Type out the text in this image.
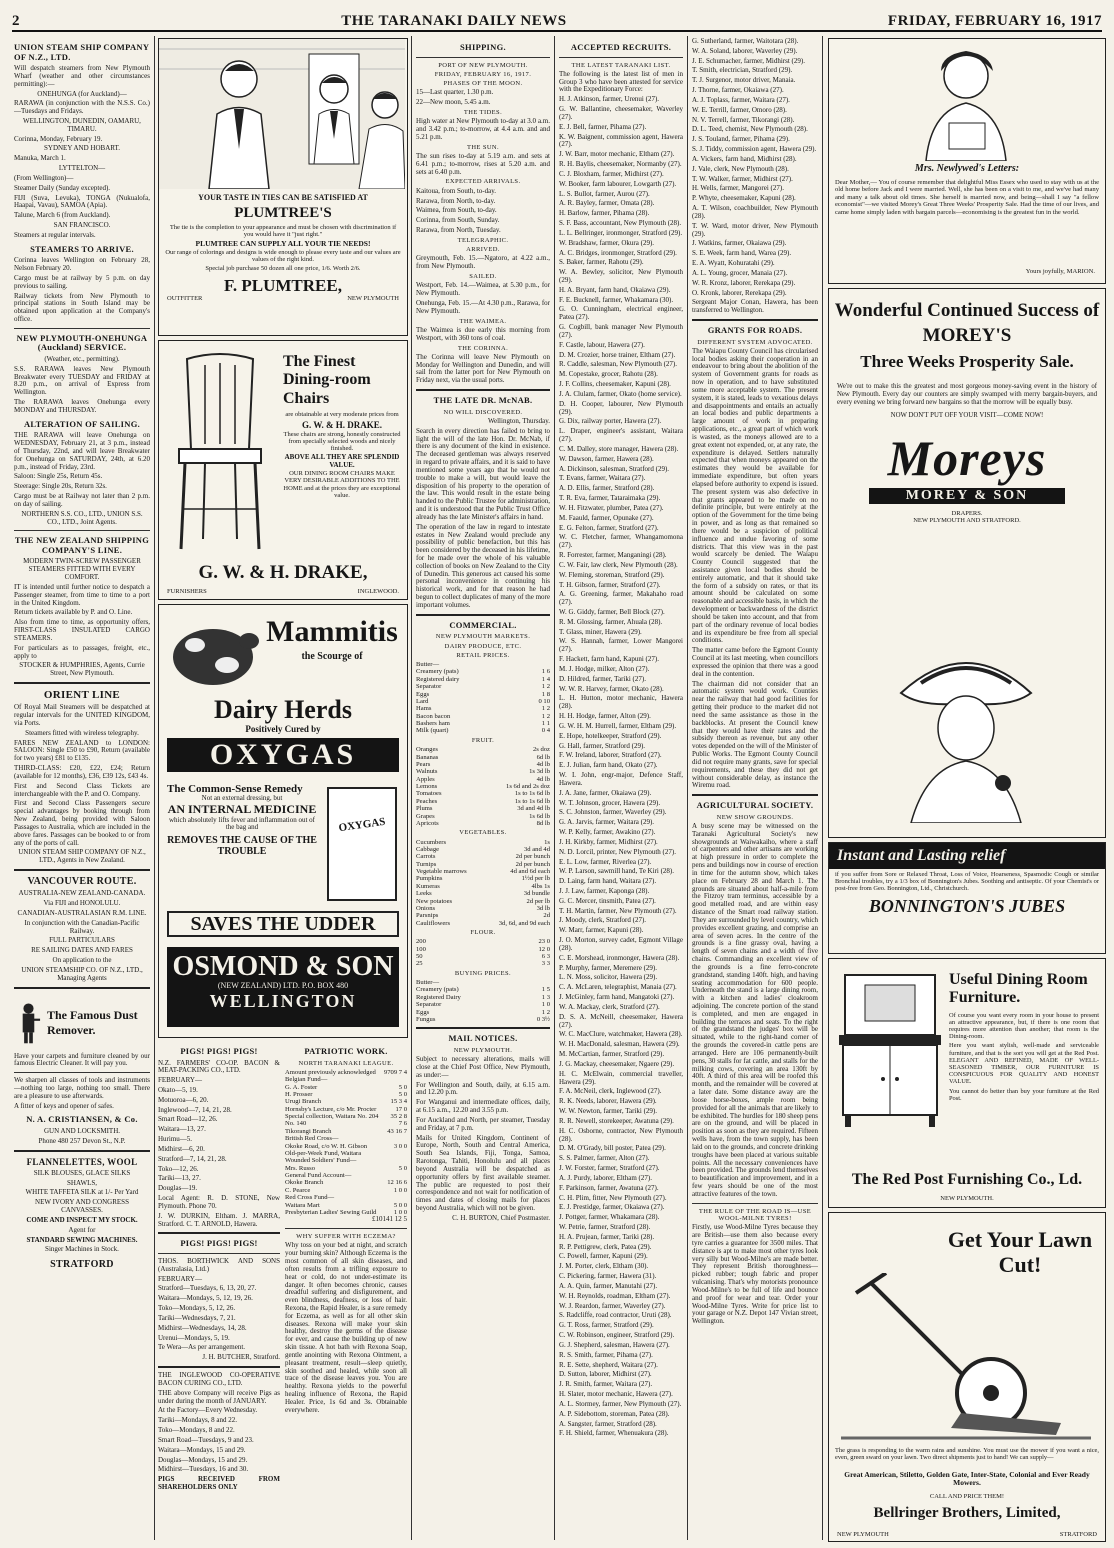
2	THE TARANAKI DAILY NEWS	FRIDAY, FEBRUARY 16, 1917
UNION STEAM SHIP COMPANY OF N.Z., LTD.

Will despatch steamers from New Plymouth Wharf (weather and other circumstances permitting):—

ONEHUNGA (for Auckland)—

RARAWA (in conjunction with the N.S.S. Co.)—Tuesdays and Fridays.

WELLINGTON, DUNEDIN, OAMARU, TIMARU.

Corinna, Monday, February 19.

SYDNEY AND HOBART.

Manuka, March 1.

LYTTELTON—

(From Wellington)—

Steamer Daily (Sunday excepted).

FIJI (Suva, Levuka), TONGA (Nukualofa, Haapai, Vavau), SAMOA (Apia).

Talune, March 6 (from Auckland).

SAN FRANCISCO.

Steamers at regular intervals.

STEAMERS TO ARRIVE.

Corinna leaves Wellington on February 28, Nelson February 20.

Cargo must be at railway by 5 p.m. on day previous to sailing.

Railway tickets from New Plymouth to principal stations in South Island may be obtained upon application at the Company's office.

NEW PLYMOUTH-ONEHUNGA (Auckland) SERVICE.

(Weather, etc., permitting).

S.S. RARAWA leaves New Plymouth Breakwater every TUESDAY and FRIDAY at 8.20 p.m., on arrival of Express from Wellington.

The RARAWA leaves Onehunga every MONDAY and THURSDAY.

ALTERATION OF SAILING.

THE RARAWA will leave Onehunga on WEDNESDAY, February 21, at 3 p.m., instead of Thursday, 22nd, and will leave Breakwater for Onehunga on SATURDAY, 24th, at 6.20 p.m., instead of Friday, 23rd.

Saloon: Single 25s, Return 45s.

Steerage: Single 20s, Return 32s.

Cargo must be at Railway not later than 2 p.m. on day of sailing.

NORTHERN S.S. CO., LTD., UNION S.S. CO., LTD., Joint Agents.

THE NEW ZEALAND SHIPPING COMPANY'S LINE.

MODERN TWIN-SCREW PASSENGER STEAMERS FITTED WITH EVERY COMFORT.

IT is intended until further notice to despatch a Passenger steamer, from time to time to a port in the United Kingdom.

Return tickets available by P. and O. Line.

Also from time to time, as opportunity offers, FIRST-CLASS INSULATED CARGO STEAMERS.

For particulars as to passages, freight, etc., apply to

STOCKER & HUMPHRIES, Agents, Currie Street, New Plymouth.

ORIENT LINE

Of Royal Mail Steamers will be despatched at regular intervals for the UNITED KINGDOM, via Ports.

Steamers fitted with wireless telegraphy.

FARES NEW ZEALAND to LONDON: SALOON: Single £50 to £90, Return (available for two years) £81 to £135.

THIRD-CLASS: £20, £22, £24; Return (available for 12 months), £36, £39 12s, £43 4s.

First and Second Class Tickets are interchangeable with the P. and O. Company.

First and Second Class Passengers secure special advantages by booking through from New Zealand, being provided with Saloon Passages to Australia, which are included in the above fares. Passages can be booked to or from any of the ports of call.

UNION STEAM SHIP COMPANY OF N.Z., LTD., Agents in New Zealand.

VANCOUVER ROUTE.

AUSTRALIA-NEW ZEALAND-CANADA.

Via FIJI and HONOLULU.

CANADIAN-AUSTRALASIAN R.M. LINE.

In conjunction with the Canadian-Pacific Railway.

FULL PARTICULARS

RE SAILING DATES AND FARES

On application to the

UNION STEAMSHIP CO. OF N.Z., LTD., Managing Agents

The Famous Dust Remover.

Have your carpets and furniture cleaned by our famous Electric Cleaner. It will pay you.

We sharpen all classes of tools and instruments—nothing too large, nothing too small. There are a pleasure to use afterwards.

A fitter of keys and opener of safes.

N. A. CRISTIANSEN, & Co.

GUN AND LOCKSMITH.

Phone 480 257 Devon St., N.P.

FLANNELETTES, WOOL

SILK BLOUSES, GLACE SILKS

SHAWLS,

WHITE TAFFETA SILK at 1/- Per Yard

NEW IVORY AND CONGRESS CANVASSES.

COME AND INSPECT MY STOCK.

Agent for

STANDARD SEWING MACHINES.

Singer Machines in Stock.

STRATFORD
YOUR TASTE IN TIES CAN BE SATISFIED AT
PLUMTREE'S

The tie is the completion to your appearance and must be chosen with discrimination if you would have it "just right."

PLUMTREE CAN SUPPLY ALL YOUR TIE NEEDS!

Our range of colorings and designs is wide enough to please every taste and our values are values of the right kind.

Special job purchase 50 dozen all one price, 1/6. Worth 2/6.

F. PLUMTREE,
OUTFITTER	NEW PLYMOUTH
The Finest Dining-room Chairs

are obtainable at very moderate prices from

G. W. & H. DRAKE.

These chairs are strong, honestly constructed from specially selected woods and nicely finished.

ABOVE ALL THEY ARE SPLENDID VALUE.

OUR DINING ROOM CHAIRS MAKE VERY DESIRABLE ADDITIONS TO THE HOME and at the prices they are exceptional value.

G. W. & H. DRAKE,
FURNISHERS	INGLEWOOD.
Mammitis
the Scourge of
Dairy Herds
Positively Cured by
OXYGAS
The Common-Sense Remedy
Not an external dressing, but
AN INTERNAL MEDICINE
which absolutely lifts fever and inflammation out of the bag and
REMOVES THE CAUSE OF THE TROUBLE
OXYGAS
SAVES THE UDDER
OSMOND & SON
(NEW ZEALAND) LTD. P.O. BOX 480
WELLINGTON
PIGS! PIGS! PIGS!

N.Z. FARMERS' CO-OP. BACON & MEAT-PACKING CO., LTD.

FEBRUARY—

Okato—5, 19.

Motuoroa—6, 20.

Inglewood—7, 14, 21, 28.

Smart Road—12, 26.

Waitara—13, 27.

Hurimu—5.

Midhirst—6, 20.

Stratford—7, 14, 21, 28.

Toko—12, 26.

Tariki—13, 27.

Douglas—19.

Local Agent: R. D. STONE, New Plymouth. Phone 70.

J. W. DURKIN, Eltham. J. MARRA, Stratford. C. T. ARNOLD, Hawera.

PIGS! PIGS! PIGS!

THOS. BORTHWICK AND SONS (Australasia, Ltd.)

FEBRUARY—

Stratford—Tuesdays, 6, 13, 20, 27.

Waitara—Mondays, 5, 12, 19, 26.

Toko—Mondays, 5, 12, 26.

Tariki—Wednesdays, 7, 21.

Midhirst—Wednesdays, 14, 28.

Urenui—Mondays, 5, 19.

Te Wera—As per arrangement.

J. H. BUTCHER, Stratford.

THE INGLEWOOD CO-OPERATIVE BACON CURING CO., LTD.

THE above Company will receive Pigs as under during the month of JANUARY.

At the Factory—Every Wednesday.

Tariki—Mondays, 8 and 22.

Toko—Mondays, 8 and 22.

Smart Road—Tuesdays, 9 and 23.

Waitara—Mondays, 15 and 29.

Douglas—Mondays, 15 and 29.

Midhirst—Tuesdays, 16 and 30.

PIGS RECEIVED FROM SHAREHOLDERS ONLY

PATRIOTIC WORK.
NORTH TARANAKI LEAGUE.
Amount previously acknowledged	9709 7 4
Belgian Fund—	
G. A. Foster	5 0
H. Prosser	5 0
Urugi Branch	15 3 4
Hornsby's Lecture, c/o Mr. Procter	17 0
Special collection, Waitara No. 204	35 2 8
No. 140	7 6
Tikorangi Branch	43 16 7
British Red Cross—	
Okoke Road, c/o W. H. Gibson	3 0 0
Old-per-Week Fund, Waitara Wounded Soldiers' Fund—	
Mrs. Russo	5 0
General Fund Account—	
Okoke Branch	12 16 6
C. Pearce	1 0 0
Red Cross Fund—	
Waitara Mart	5 0 0
Presbyterian Ladies' Sewing Guild	1 0 0

£10141 12 5

WHY SUFFER WITH ECZEMA?

Why toss on your bed at night, and scratch your burning skin? Although Eczema is the most common of all skin diseases, and often results from a trifling exposure to heat or cold, do not under-estimate its danger. It often becomes chronic, causes dreadful suffering and disfigurement, and even blindness, deafness, or loss of hair. Rexona, the Rapid Healer, is a sure remedy for Eczema, as well as for all other skin diseases. Rexona will make your skin healthy, destroy the germs of the disease for ever, and cause the building up of new skin tissue. A hot bath with Rexona Soap, gentle anointing with Rexona Ointment, a pleasant treatment, result—sleep quietly, skin soothed and healed, while soon all trace of the disease leaves you. You are healthy. Rexona yields to the powerful healing influence of Rexona, the Rapid Healer. Price, 1s 6d and 3s. Obtainable everywhere.

SHIPPING.
PORT OF NEW PLYMOUTH.
FRIDAY, FEBRUARY 16, 1917.
PHASES OF THE MOON.

15—Last quarter, 1.30 p.m.

22—New moon, 5.45 a.m.

THE TIDES.

High water at New Plymouth to-day at 3.0 a.m. and 3.42 p.m.; to-morrow, at 4.4 a.m. and and 5.21 p.m.

THE SUN.

The sun rises to-day at 5.19 a.m. and sets at 6.41 p.m.; to-morrow, rises at 5.20 a.m. and sets at 6.40 p.m.

EXPECTED ARRIVALS.

Kaitoua, from South, to-day.

Rarawa, from North, to-day.

Waimea, from South, to-day.

Corinna, from South, Sunday.

Rarawa, from North, Tuesday.

TELEGRAPHIC.
ARRIVED.

Greymouth, Feb. 15.—Ngatoro, at 4.22 a.m., from New Plymouth.

SAILED.

Westport, Feb. 14.—Waimea, at 5.30 p.m., for New Plymouth.

Onehunga, Feb. 15.—At 4.30 p.m., Rarawa, for New Plymouth.

THE WAIMEA.

The Waimea is due early this morning from Westport, with 360 tons of coal.

THE CORINNA.

The Corinna will leave New Plymouth on Monday for Wellington and Dunedin, and will sail from the latter port for New Plymouth on Friday next, via the usual ports.

THE LATE DR. McNAB.
NO WILL DISCOVERED.

Wellington, Thursday.

Search in every direction has failed to bring to light the will of the late Hon. Dr. McNab, if there is any document of the kind in existence. The deceased gentleman was always reserved in regard to private affairs, and it is said to have mentioned some years ago that he would not trouble to make a will, but would leave the disposition of his property to the operation of the law. This would result in the estate being handed to the Public Trustee for administration, and it is understood that the Public Trust Office already has the late Minister's affairs in hand.

The operation of the law in regard to intestate estates in New Zealand would preclude any possibility of public benefaction, but this has been considered by the deceased in his lifetime, for he made over the whole of his valuable collection of books on New Zealand to the City of Dunedin. This generous act caused his some personal inconvenience in continuing his historical work, and for that reason he had begun to collect duplicates of many of the more important volumes.

COMMERCIAL.
NEW PLYMOUTH MARKETS.
DAIRY PRODUCE, ETC.
RETAIL PRICES.
Butter—	
Creamery (pats)	1 6
Registered dairy	1 4
Separator	1 2
Eggs	1 8
Lard	0 10
Hams	1 2
Bacon bacon	1 2
Bashers ham	1 1
Milk (quart)	0 4
FRUIT.
Oranges	2s doz
Bananas	6d lb
Pears	4d lb
Walnuts	1s 3d lb
Apples	4d lb
Lemons	1s 6d and 2s doz
Tomatoes	1s to 1s 6d lb
Peaches	1s to 1s 6d lb
Plums	3d and 4d lb
Grapes	1s 6d lb
Apricots	8d lb
VEGETABLES.
Cucumbers	1s
Cabbage	3d and 4d
Carrots	2d per bunch
Turnips	2d per bunch
Vegetable marrows	4d and 6d each
Pumpkins	1½d per lb
Kumeras	4lbs 1s
Leeks	3d bundle
New potatoes	2d per lb
Onions	3d lb
Parsnips	2d
Cauliflowers	3d, 6d, and 9d each
FLOUR.
200	23 0
100	12 0
50	6 3
25	3 3
BUYING PRICES.
Butter—	
Creamery (pats)	1 5
Registered Dairy	1 3
Separator	1 0
Eggs	1 2
Fungus	0 3½
MAIL NOTICES.
NEW PLYMOUTH.

Subject to necessary alterations, mails will close at the Chief Post Office, New Plymouth, as under:—

For Wellington and South, daily, at 6.15 a.m. and 12.20 p.m.

For Wanganui and intermediate offices, daily, at 6.15 a.m., 12.20 and 3.55 p.m.

For Auckland and North, per steamer, Tuesday and Friday, at 7 p.m.

Mails for United Kingdom, Continent of Europe, North, South and Central America, South Sea Islands, Fiji, Tonga, Samoa, Rarotonga, Tahiti, Honolulu and all places beyond Australia will be despatched as opportunity offers by first available steamer. The public are requested to post their correspondence and not wait for notification of times and dates of closing mails for places beyond Australia, which will not be given.

C. H. BURTON, Chief Postmaster.

ACCEPTED RECRUITS.
THE LATEST TARANAKI LIST.

The following is the latest list of men in Group 3 who have been attested for service with the Expeditionary Force:

H. J. Atkinson, farmer, Urenui (27).

G. W. Ballantine, cheesemaker, Waverley (27).

E. J. Bell, farmer, Pihama (27).

K. W. Baignent, commission agent, Hawera (27).

J. W. Barr, motor mechanic, Eltham (27).

R. H. Baylis, cheesemaker, Normanby (27).

C. J. Bloxham, farmer, Midhirst (27).

W. Booker, farm labourer, Lowgarth (27).

L. S. Bullot, farmer, Aurou (27).

A. R. Bayley, farmer, Omata (28).

H. Barlow, farmer, Pihama (28).

S. F. Bass, accountant, New Plymouth (28).

L. L. Bellringer, ironmonger, Stratford (29).

W. Bradshaw, farmer, Okura (29).

A. C. Bridges, ironmonger, Stratford (29).

S. Baker, farmer, Rahotu (29).

W. A. Bewley, solicitor, New Plymouth (29).

H. A. Bryant, farm hand, Okaiawa (29).

F. E. Bucknell, farmer, Whakamara (30).

G. O. Cunningham, electrical engineer, Patea (27).

G. Cogbill, bank manager New Plymouth (27).

F. Castle, labour, Hawera (27).

D. M. Crozier, horse trainer, Eltham (27).

R. Caddle, salesman, New Plymouth (27).

M. Copestake, grocer, Rahotu (28).

J. F. Collins, cheesemaker, Kapuni (28).

J. A. Clulam, farmer, Okato (home service).

D. H. Cooper, labourer, New Plymouth (29).

G. Dix, railway porter, Hawera (27).

L. Draper, engineer's assistant, Waitara (27).

C. M. Dalley, store manager, Hawera (28).

W. Dawson, farmer, Hawera (28).

A. Dickinson, salesman, Stratford (29).

T. Evans, farmer, Waitara (27).

A. D. Ellis, farmer, Stratford (28).

T. R. Eva, farmer, Tataraimaka (29).

W. H. Fitzwater, plumber, Patea (27).

M. Faauld, farmer, Opunake (27).

E. G. Felton, farmer, Stratford (27).

W. C. Fletcher, farmer, Whangamomona (27).

R. Forrester, farmer, Manganingi (28).

C. W. Fair, law clerk, New Plymouth (28).

W. Fleming, storeman, Stratford (29).

T. H. Gibson, farmer, Stratford (27).

A. G. Greening, farmer, Makahaho road (27).

W. G. Giddy, farmer, Bell Block (27).

R. M. Glossing, farmer, Ahuala (28).

T. Glass, miner, Hawera (29).

W. S. Hannah, farmer, Lower Mangorei (27).

F. Hackett, farm hand, Kapuni (27).

M. J. Hodge, milker, Alton (27).

D. Hildred, farmer, Tariki (27).

W. W. R. Harvey, farmer, Okato (28).

L. H. Hutton, motor mechanic, Hawera (28).

H. H. Hodge, farmer, Alton (29).

G. W. H. M. Hurrell, farmer, Eltham (29).

E. Hope, hotelkeeper, Stratford (29).

G. Hall, farmer, Stratford (29).

F. W. Ireland, laborer, Stratford (27).

E. J. Julian, farm hand, Okato (27).

W. I. John, engr-major, Defence Staff, Hawera.

J. A. Jane, farmer, Okaiawa (29).

W. T. Johnson, grocer, Hawera (29).

S. C. Johnston, farmer, Waverley (29).

G. A. Jarvis, farmer, Waitara (29).

W. P. Kelly, farmer, Awakino (27).

J. H. Kirkby, farmer, Midhirst (27).

N. D. Lorcil, printer, New Plymouth (27).

E. L. Low, farmer, Riverlea (27).

W. P. Larson, sawmill hand, Te Kiri (28).

D. Laing, farm hand, Waitara (27).

J. J. Law, farmer, Kaponga (28).

G. C. Mercer, tinsmith, Patea (27).

T. H. Martin, farmer, New Plymouth (27).

J. Moody, clerk, Stratford (27).

W. Marr, farmer, Kapuni (28).

J. O. Morton, survey cadet, Egmont Village (28).

C. E. Morshead, ironmonger, Hawera (28).

P. Murphy, farmer, Meremere (29).

L. N. Moss, solicitor, Hawera (29).

C. A. McLaren, telegraphist, Manaia (27).

J. McGinley, farm hand, Mangatoki (27).

W. A. Mackay, clerk, Stratford (27).

D. S. A. McNeill, cheesemaker, Hawera (27).

W. C. MacClure, watchmaker, Hawera (28).

W. H. MacDonald, salesman, Hawera (29).

M. McCartian, farmer, Stratford (29).

J. G. Mackay, cheesemaker, Ngaere (29).

H. C. McElwain, commercial traveller, Hawera (29).

F. A. McNeil, clerk, Inglewood (27).

R. K. Needs, laborer, Hawera (29).

W. W. Newton, farmer, Tariki (29).

R. R. Newell, storekeeper, Awatuna (29).

H. C. Osborne, contractor, New Plymouth (28).

D. M. O'Grady, bill poster, Patea (29).

S. S. Palmer, farmer, Alton (27).

J. W. Forster, farmer, Stratford (27).

A. J. Purdy, laborer, Eltham (27).

F. Parkinson, farmer, Awatuna (27).

C. H. Plim, fitter, New Plymouth (27).

E. J. Prestidge, farmer, Okaiawa (27).

J. Pottger, farmer, Whakamara (28).

W. Petrie, farmer, Stratford (28).

H. A. Prujean, farmer, Tariki (28).

R. P. Pettigrew, clerk, Patea (29).

C. Powell, farmer, Kapuni (29).

J. M. Porter, clerk, Eltham (30).

C. Pickering, farmer, Hawera (31).

A. A. Quin, farmer, Manutahi (27).

W. H. Reynolds, roadman, Eltham (27).

W. J. Reardon, farmer, Waverley (27).

S. Radcliffe, road contractor, Uruti (28).

G. T. Ross, farmer, Stratford (29).

C. W. Robinson, engineer, Stratford (29).

G. J. Shepherd, salesman, Hawera (27).

R. S. Smith, farmer, Pihama (27).

R. E. Sette, shepherd, Waitara (27).

D. Sutton, laborer, Midhirst (27).

J. R. Smith, farmer, Waitara (27).

H. Slater, motor mechanic, Hawera (27).

A. L. Stormey, farmer, New Plymouth (27).

A. P. Sidebottom, storeman, Patea (28).

A. Sangster, farmer, Stratford (28).

F. H. Shield, farmer, Whenuakura (28).

G. Sutherland, farmer, Waitotara (28).

W. A. Soland, laborer, Waverley (29).

J. E. Schumacher, farmer, Midhirst (29).

T. Smith, electrician, Stratford (29).

T. J. Surgenor, motor driver, Manaia.

J. Thorne, farmer, Okaiawa (27).

A. J. Toplass, farmer, Waitara (27).

W. E. Terrill, farmer, Omoro (28).

N. V. Terrell, farmer, Tikorangi (28).

D. L. Teed, chemist, New Plymouth (28).

J. S. Touland, farmer, Pihama (29).

S. J. Tiddy, commission agent, Hawera (29).

A. Vickers, farm hand, Midhirst (28).

J. Vale, clerk, New Plymouth (28).

T. W. Walker, farmer, Midhirst (27).

H. Wells, farmer, Mangorei (27).

P. Whyte, cheesemaker, Kapuni (28).

A. T. Wilson, coachbuilder, New Plymouth (28).

T. W. Ward, motor driver, New Plymouth (29).

J. Watkins, farmer, Okaiawa (29).

S. E. Week, farm hand, Warea (29).

E. A. Wyatt, Kohuratahi (29).

A. L. Young, grocer, Manaia (27).

W. R. Kronz, laborer, Rerekapa (29).

O. Kronk, laborer, Rerekapa (29).

Sergeant Major Conan, Hawera, has been transferred to Wellington.

GRANTS FOR ROADS.
DIFFERENT SYSTEM ADVOCATED.

The Waiapu County Council has circularised local bodies asking their cooperation in an endeavour to bring about the abolition of the system of Government grants for roads as now in operation, and to have substituted some more acceptable system. The present system, it is stated, leads to vexatious delays and disappointments and entails an actually an local bodies and public departments a large amount of work in preparing applications, etc., a great part of which work is wasted, as the moneys allowed are to a great extent not expended, or, at any rate, the expenditure is delayed. Settlers naturally expected that when moneys appeared on the estimates they would be available for immediate expenditure, but often years elapsed before authority to expend is issued. The present system was also defective in that grants appeared to be made on no definite principle, but were entirely at the option of the Government for the time being in power, and as long as that remained so there would be a suspicion of political influence and undue favoring of some districts. That this view was in the past would scarcely be denied. The Waiapu County Council suggested that the assistance given local bodies should be entirely automatic, and that it should take the form of a subsidy on rates, or that its amount should be calculated on some reasonable and accessible basis, in which the development or backwardness of the district should be taken into account, and that from part of the ordinary revenue of local bodies and its expenditure be free from all special conditions.

The matter came before the Egmont County Council at its last meeting, when councillors expressed the opinion that there was a good deal in the contention.

The chairman did not consider that an automatic system would work. Counties near the railway that had good facilities for getting their produce to the market did not need the same assistance as those in the backblocks. At present the Council knew that they would have their rates and the subsidy thereon as revenue, but any other votes depended on the will of the Minister of Public Works. The Egmont County Council did not require many grants, save for special requirements, and these they did not get without considerable delay, as instance the Wiremu road.

AGRICULTURAL SOCIETY.
NEW SHOW GROUNDS.

A busy scene may be witnessed on the Taranaki Agricultural Society's new showgrounds at Waiwakaiho, where a staff of carpenters and other artisans are working at high pressure in order to complete the pens and buildings now in course of erection in time for the autumn show, which takes place on February 28 and March 1. The grounds are situated about half-a-mile from the Fitzroy tram terminus, accessible by a good metalled road, and are within easy distance of the Smart road railway station. They are surrounded by level country, which provides excellent grazing, and comprise an area of seven acres. In the centre of the grounds is a fine grassy oval, having a length of seven chains and a width of five chains. Commanding an excellent view of the grounds is a fine ferro-concrete grandstand, standing 140ft. high, and having seating accommodation for 600 people. Underneath the stand is a large dining room, with a kitchen and ladies' cloakroom adjoining. The concrete portion of the stand is completed, and men are engaged in building the terraces and seats. To the right of the grandstand the judges' box will be situated, while to the right-hand corner of the grounds the covered-in cattle pens are arranged. Here are 106 permanently-built pens, 30 stalls for fat cattle, and stalls for the milking cows, covering an area 130ft by 40ft. A third of this area will be roofed this month, and the remainder will be covered at a later date. Some distance away are the loose horse-boxes, ample room being provided for all the animals that are likely to be exhibited. The hurdles for 180 sheep pens are on the ground, and will be placed in position as soon as they are required. Fifteen wells have, from the town supply, has been laid on to the grounds, and concrete drinking troughs have been placed at various suitable points. All the necessary conveniences have been provided. The grounds lend themselves to beautification and improvement, and in a few years should be one of the most attractive features of the town.

THE RULE OF THE ROAD IS—USE WOOL-MILNE TYRES!

Firstly, use Wood-Milne Tyres because they are British—use them also because every tyre carries a guarantee for 3500 miles. That distance is apt to make most other tyres look very silly but Wood-Milne's are made better. They represent British thoroughness—picked rubber; tough fabric and proper vulcanising. That's why motorists pronounce Wood-Milne's to be full of life and bounce and proof for wear and tear. Order your Wood-Milne Tyres. Write for price list to your garage or N.Z. Depot 147 Vivian street, Wellington.

Mrs. Newlywed's Letters:

Dear Mother,— You of course remember that delightful Miss Essex who used to stay with us at the old home before Jack and I were married. Well, she has been on a visit to me, and we've had many and many a talk about old times. She herself is married now, and being—shall I say "a fellow economist"—we visited Morey's Great Three Weeks' Prosperity Sale. Had the time of our lives, and came home simply laden with bargain parcels—economising is the greatest fun in the world.

Yours joyfully, MARION.

Wonderful Continued Success of MOREY'S
Three Weeks Prosperity Sale.

We're out to make this the greatest and most gorgeous money-saving event in the history of New Plymouth. Every day our counters are simply swamped with merry bargain-buyers, and every evening we bring forward new bargains so that the morrow will be equally busy.

NOW DON'T PUT OFF YOUR VISIT—COME NOW!

Moreys
MOREY & SON
DRAPERS.
NEW PLYMOUTH AND STRATFORD.
Instant and Lasting relief

if you suffer from Sore or Relaxed Throat, Loss of Voice, Hoarseness, Spasmodic Cough or similar Bronchial troubles, try a 1/3 box of Bonnington's Jubes. Soothing and antiseptic. Of your Chemist's or post-free from Geo. Bonnington, Ltd., Christchurch.

BONNINGTON'S JUBES
Useful Dining Room Furniture.

Of course you want every room in your house to present an attractive appearance, but, if there is one room that requires more attention than another; that room is the Dining-room.

Here you want stylish, well-made and serviceable furniture, and that is the sort you will get at the Red Post. ELEGANT AND REFINED, MADE OF WELL-SEASONED TIMBER, OUR FURNITURE IS CONSPICUOUS FOR QUALITY AND HONEST VALUE.

You cannot do better than buy your furniture at the Red Post.

The Red Post Furnishing Co., Ld.
NEW PLYMOUTH.
Get Your Lawn Cut!

The grass is responding to the warm rains and sunshine. You must use the mower if you want a nice, even, green sward on your lawn. Two direct shipments just to hand! We can supply—

Great American, Stiletto, Golden Gate, Inter-State, Colonial and Ever Ready Mowers.

CALL AND PRICE THEM!

Bellringer Brothers, Limited,
NEW PLYMOUTH	STRATFORD
